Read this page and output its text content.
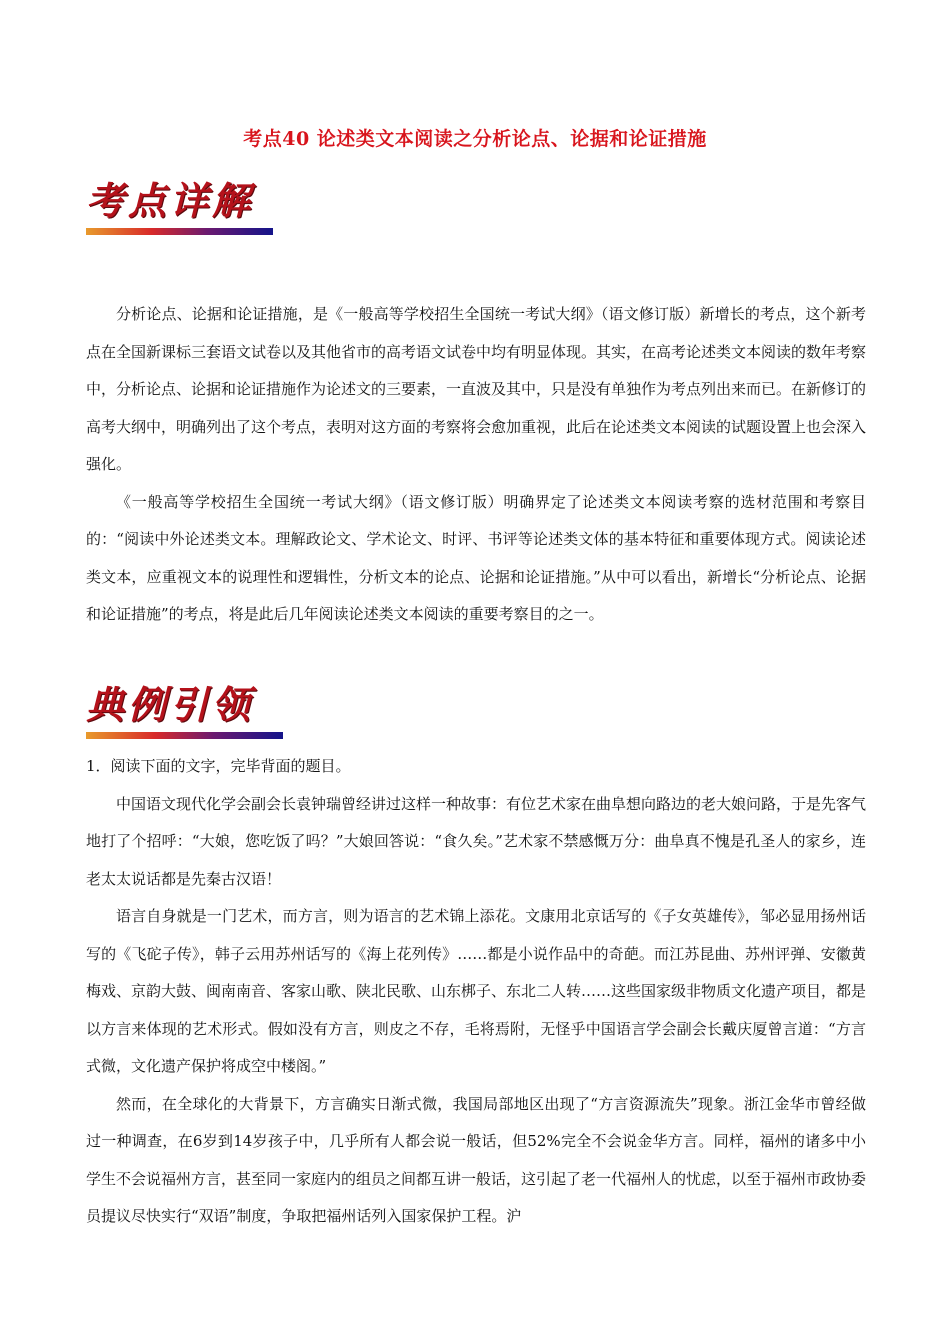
考点40 论述类文本阅读之分析论点、论据和论证措施
考点详解

分析论点、论据和论证措施，是《一般高等学校招生全国统一考试大纲》（语文修订版）新增长的考点，这个新考点在全国新课标三套语文试卷以及其他省市的高考语文试卷中均有明显体现。其实，在高考论述类文本阅读的数年考察中，分析论点、论据和论证措施作为论述文的三要素，一直波及其中，只是没有单独作为考点列出来而已。在新修订的高考大纲中，明确列出了这个考点，表明对这方面的考察将会愈加重视，此后在论述类文本阅读的试题设置上也会深入强化。

《一般高等学校招生全国统一考试大纲》（语文修订版）明确界定了论述类文本阅读考察的选材范围和考察目的：“阅读中外论述类文本。理解政论文、学术论文、时评、书评等论述类文体的基本特征和重要体现方式。阅读论述类文本，应重视文本的说理性和逻辑性，分析文本的论点、论据和论证措施。”从中可以看出，新增长“分析论点、论据和论证措施”的考点，将是此后几年阅读论述类文本阅读的重要考察目的之一。

典例引领

1．阅读下面的文字，完毕背面的题目。

中国语文现代化学会副会长袁钟瑞曾经讲过这样一种故事：有位艺术家在曲阜想向路边的老大娘问路，于是先客气地打了个招呼：“大娘，您吃饭了吗？”大娘回答说：“食久矣。”艺术家不禁感慨万分：曲阜真不愧是孔圣人的家乡，连老太太说话都是先秦古汉语！

语言自身就是一门艺术，而方言，则为语言的艺术锦上添花。文康用北京话写的《子女英雄传》，邹必显用扬州话写的《飞砣子传》，韩子云用苏州话写的《海上花列传》……都是小说作品中的奇葩。而江苏昆曲、苏州评弹、安徽黄梅戏、京韵大鼓、闽南南音、客家山歌、陕北民歌、山东梆子、东北二人转……这些国家级非物质文化遗产项目，都是以方言来体现的艺术形式。假如没有方言，则皮之不存，毛将焉附，无怪乎中国语言学会副会长戴庆厦曾言道：“方言式微，文化遗产保护将成空中楼阁。”

然而，在全球化的大背景下，方言确实日渐式微，我国局部地区出现了“方言资源流失”现象。浙江金华市曾经做过一种调查，在6岁到14岁孩子中，几乎所有人都会说一般话，但52%完全不会说金华方言。同样，福州的诸多中小学生不会说福州方言，甚至同一家庭内的组员之间都互讲一般话，这引起了老一代福州人的忧虑，以至于福州市政协委员提议尽快实行“双语”制度，争取把福州话列入国家保护工程。沪
